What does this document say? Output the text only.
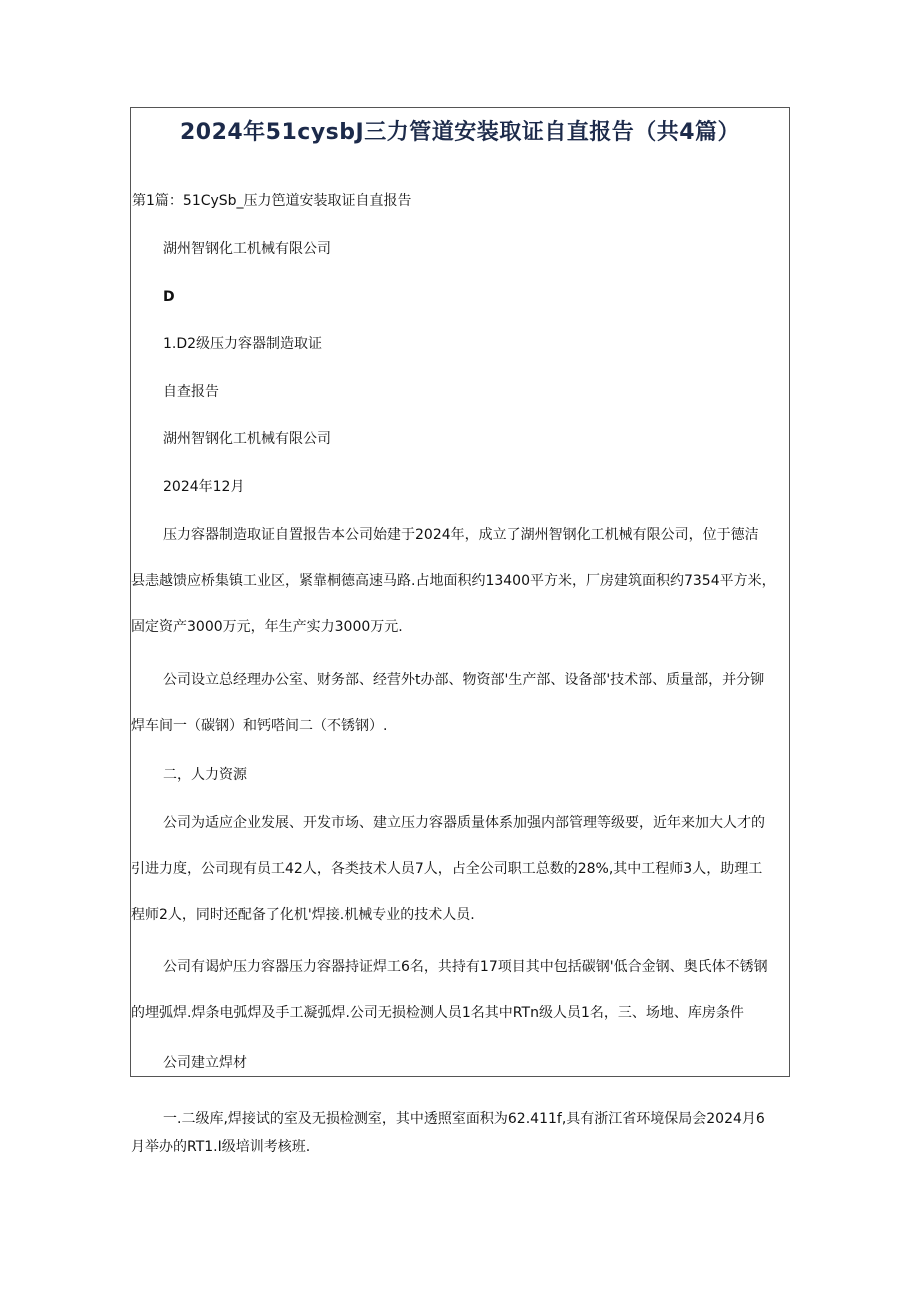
2024年51cysbJ三力管道安装取证自直报告（共4篇）

第1篇：51CySb_压力笆道安装取证自直报告

湖州智钢化工机械有限公司

D

1.D2级压力容器制造取证

自查报告

湖州智钢化工机械有限公司

2024年12月

压力容器制造取证自置报告本公司始建于2024年，成立了湖州智钢化工机械有限公司，位于德洁
县恚越馈应桥集镇工业区，紧靠桐德高速马路.占地面积约13400平方米，厂房建筑面积约7354平方米，
固定资产3000万元，年生产实力3000万元.
公司设立总经理办公室、财务部、经营外t办部、物资部'生产部、设备部'技术部、质量部，并分铆
焊车间一（碳钢）和钙嗒间二（不锈钢）.

二，人力资源

公司为适应企业发展、开发市场、建立压力容器质量体系加强内部管理等级要，近年来加大人才的
引进力度，公司现有员工42人，各类技术人员7人，占全公司职工总数的28%,其中工程师3人，助理工
程师2人，同时还配备了化机'焊接.机械专业的技术人员.
公司有谒炉压力容器压力容器持证焊工6名，共持有17项目其中包括碳钢'低合金钢、奥氏体不锈钢
的埋弧焊.焊条电弧焊及手工凝弧焊.公司无损检测人员1名其中RTn级人员1名，三、场地、库房条件

公司建立焊材

一.二级库,焊接试的室及无损检测室，其中透照室面积为62.411f,具有浙江省环境保局会2024月6
月举办的RT1.I级培训考核班.
